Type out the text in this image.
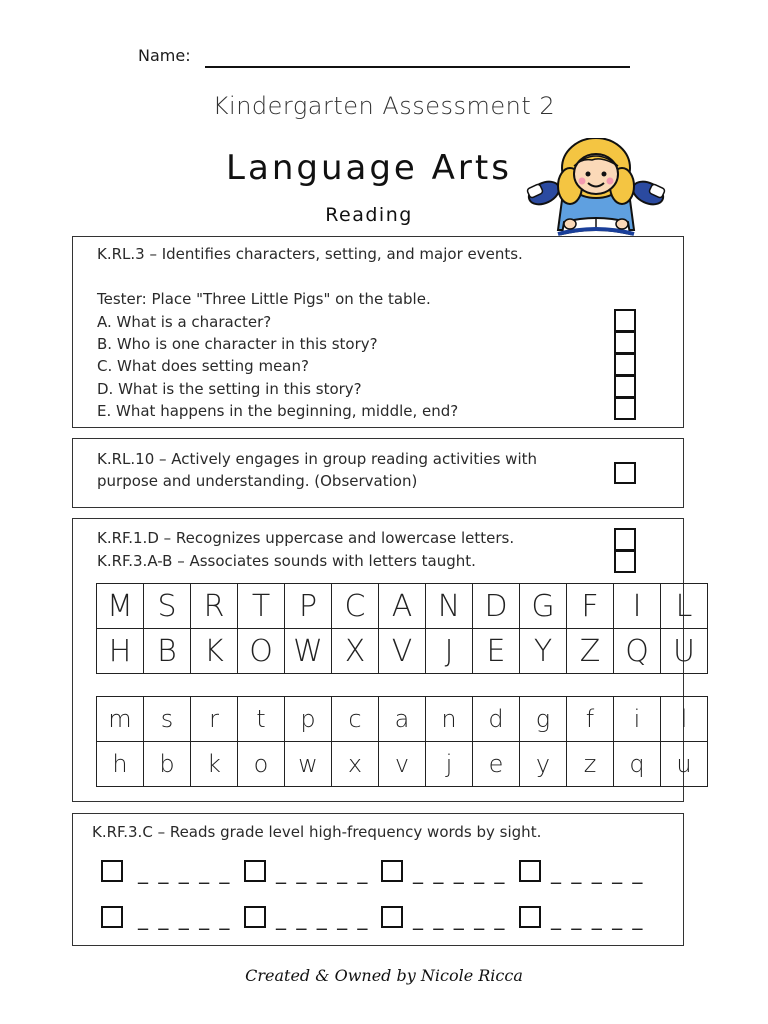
Name:
Kindergarten Assessment 2
Language Arts
Reading
K.RL.3 – Identifies characters, setting, and major events.
Tester: Place "Three Little Pigs" on the table.
A. What is a character?
B. Who is one character in this story?
C. What does setting mean?
D. What is the setting in this story?
E. What happens in the beginning, middle, end?
K.RL.10 – Actively engages in group reading activities with
purpose and understanding. (Observation)
K.RF.1.D – Recognizes uppercase and lowercase letters.
K.RF.3.A-B – Associates sounds with letters taught.
M	S	R	T	P	C	A	N	D	G	F	I	L
H	B	K	O	W	X	V	J	E	Y	Z	Q	U
m	s	r	t	p	c	a	n	d	g	f	i	l
h	b	k	o	w	x	v	j	e	y	z	q	u
K.RF.3.C – Reads grade level high-frequency words by sight.
_ _ _ _ _ _ _ _ _ _ _ _ _ _ _ _ _ _ _ _
_ _ _ _ _ _ _ _ _ _ _ _ _ _ _ _ _ _ _ _
Created & Owned by Nicole Ricca
